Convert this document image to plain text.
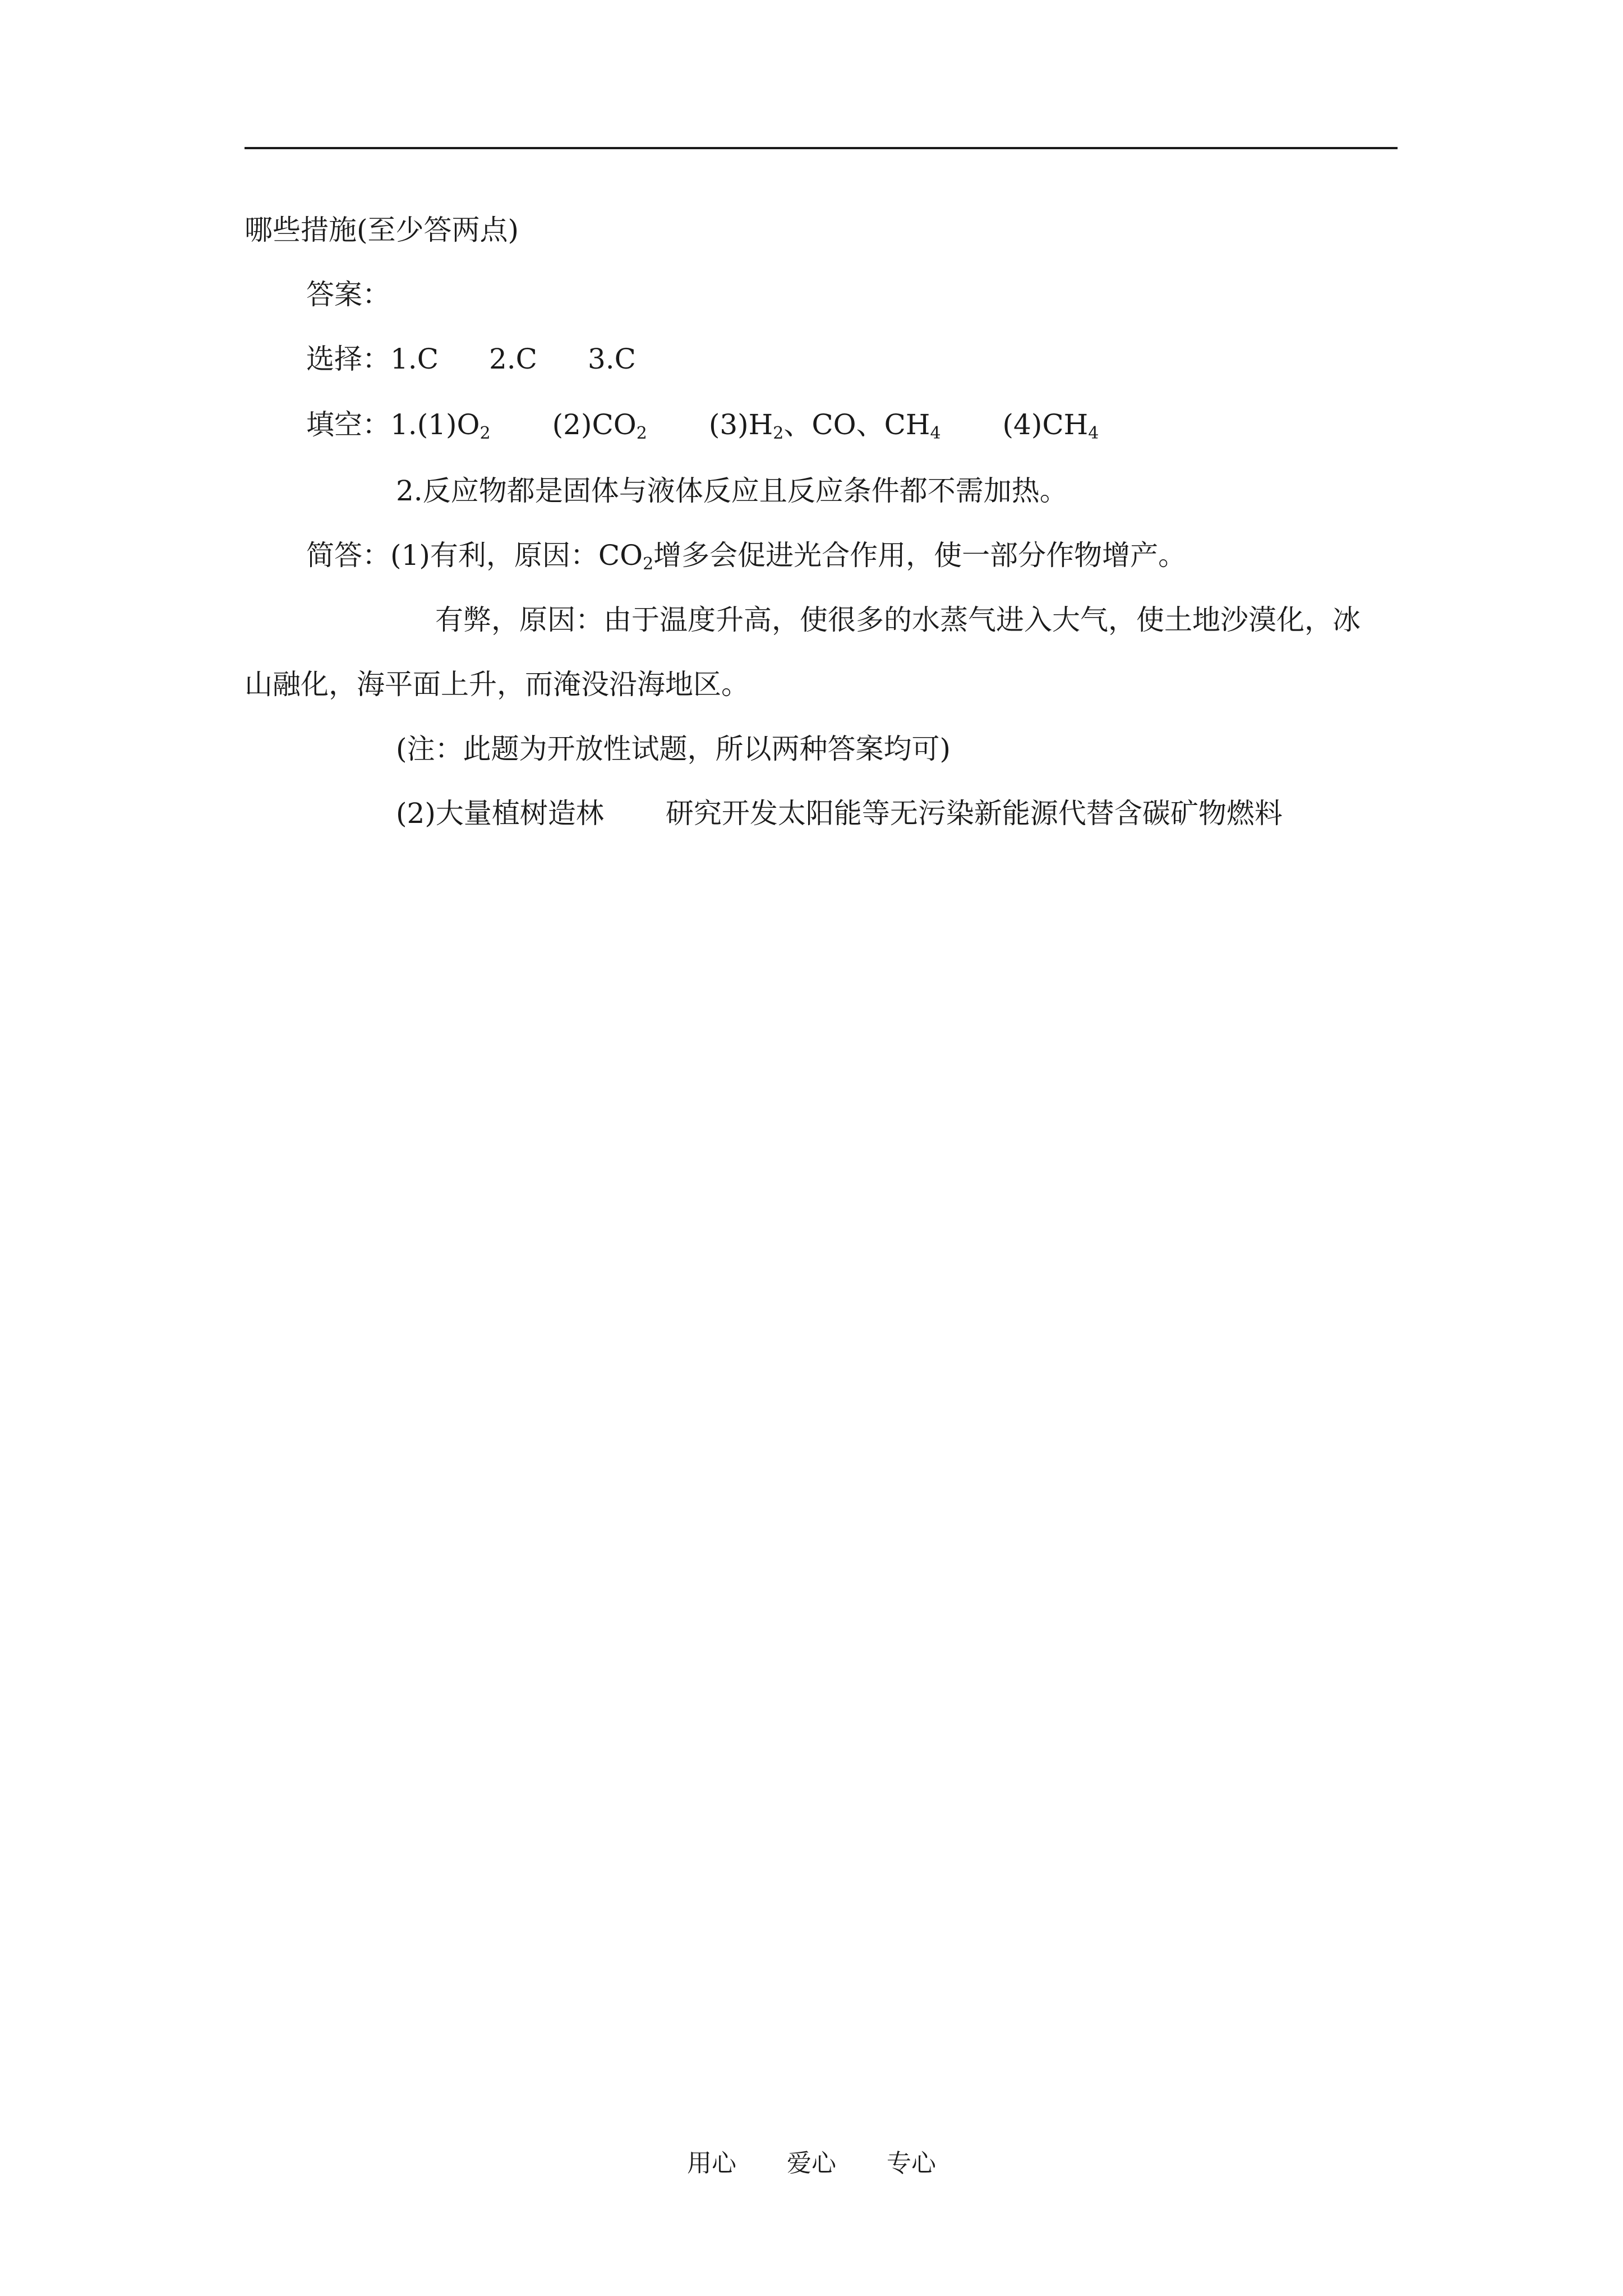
哪些措施(至少答两点)

答案：

选择：1.C 2.C 3.C

填空：$1.(1)O_2$ $(2)CO_2$ $(3)H_2$、CO、$CH_4$ $(4)CH_4$

2.反应物都是固体与液体反应且反应条件都不需加热。

简答：(1)有利，原因：$CO_2$增多会促进光合作用，使一部分作物增产。

有弊，原因：由于温度升高，使很多的水蒸气进入大气，使土地沙漠化，冰

山融化，海平面上升，而淹没沿海地区。

(注：此题为开放性试题，所以两种答案均可)

(2)大量植树造林 研究开发太阳能等无污染新能源代替含碳矿物燃料

用心 爱心 专心
